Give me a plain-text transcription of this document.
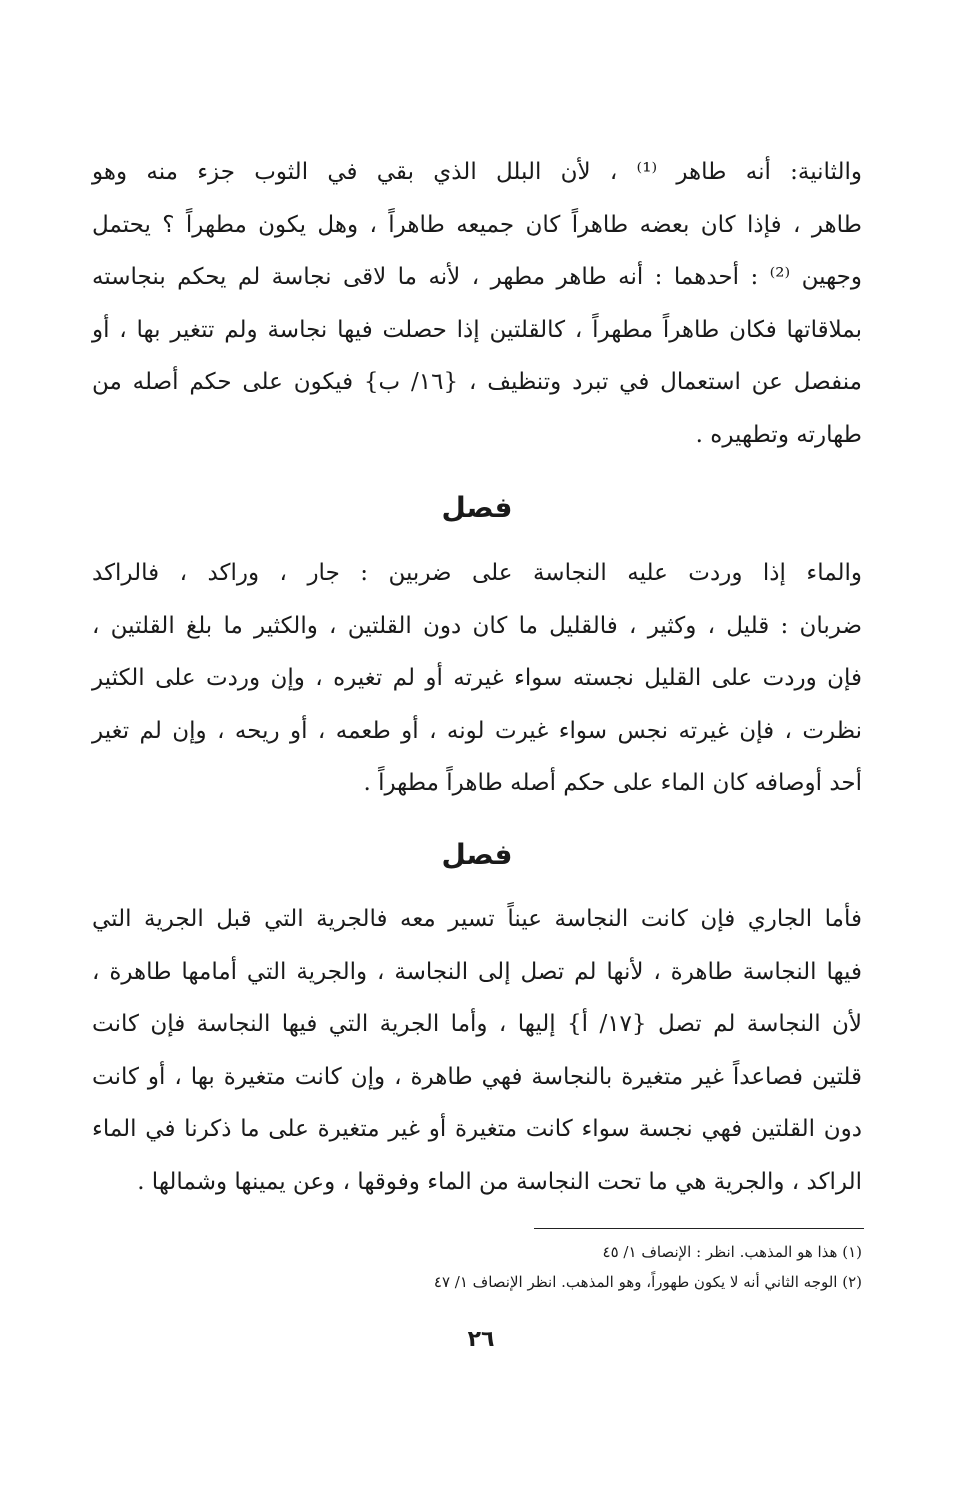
والثانية: أنه طاهر ⁽¹⁾ ، لأن البلل الذي بقي في الثوب جزء منه وهو
طاهر ، فإذا كان بعضه طاهراً كان جميعه طاهراً ، وهل يكون مطهراً ؟ يحتمل
وجهين ⁽²⁾ : أحدهما : أنه طاهر مطهر ، لأنه ما لاقى نجاسة لم يحكم بنجاسته
بملاقاتها فكان طاهراً مطهراً ، كالقلتين إذا حصلت فيها نجاسة ولم تتغير بها ، أو
منفصل عن استعمال في تبرد وتنظيف ، {١٦/ ب} فيكون على حكم أصله من
طهارته وتطهيره .
فصل
والماء إذا وردت عليه النجاسة على ضربين : جار ، وراكد ، فالراكد
ضربان : قليل ، وكثير ، فالقليل ما كان دون القلتين ، والكثير ما بلغ القلتين ،
فإن وردت على القليل نجسته سواء غيرته أو لم تغيره ، وإن وردت على الكثير
نظرت ، فإن غيرته نجس سواء غيرت لونه ، أو طعمه ، أو ريحه ، وإن لم تغير
أحد أوصافه كان الماء على حكم أصله طاهراً مطهراً .
فصل
فأما الجاري فإن كانت النجاسة عيناً تسير معه فالجرية التي قبل الجرية التي
فيها النجاسة طاهرة ، لأنها لم تصل إلى النجاسة ، والجرية التي أمامها طاهرة ،
لأن النجاسة لم تصل {١٧/ أ} إليها ، وأما الجرية التي فيها النجاسة فإن كانت
قلتين فصاعداً غير متغيرة بالنجاسة فهي طاهرة ، وإن كانت متغيرة بها ، أو كانت
دون القلتين فهي نجسة سواء كانت متغيرة أو غير متغيرة على ما ذكرنا في الماء
الراكد ، والجرية هي ما تحت النجاسة من الماء وفوقها ، وعن يمينها وشمالها .

(١) هذا هو المذهب. انظر : الإنصاف ١/ ٤٥

(٢) الوجه الثاني أنه لا يكون طهوراً، وهو المذهب. انظر الإنصاف ١/ ٤٧

٢٦
